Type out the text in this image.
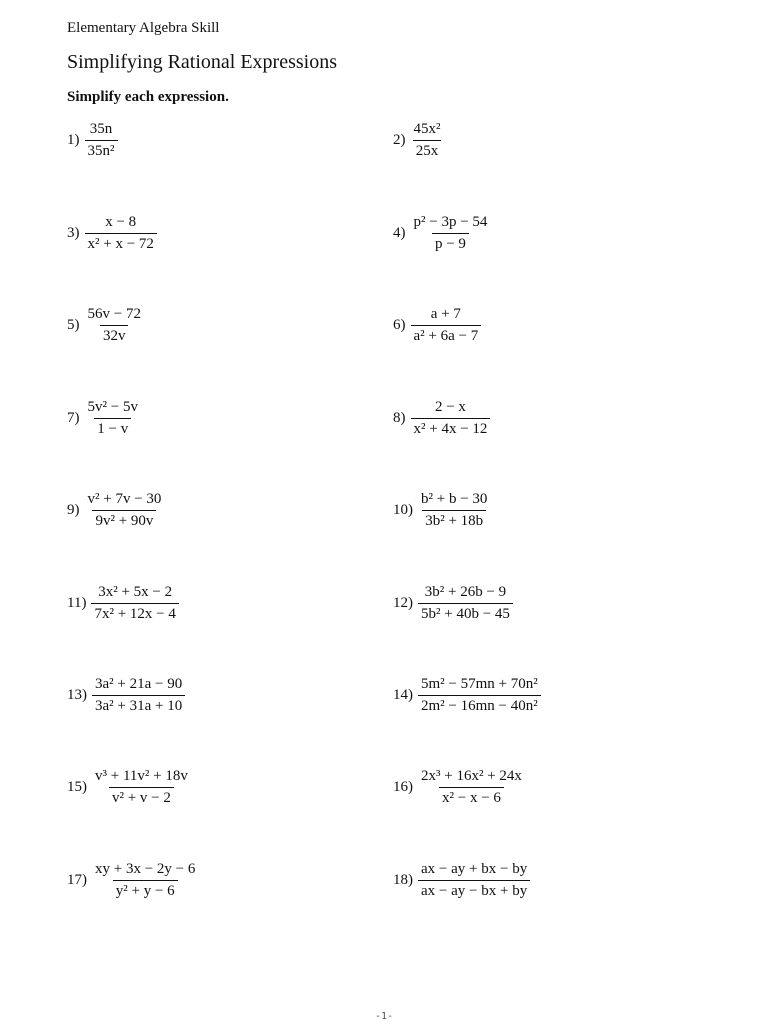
Elementary Algebra Skill
Simplifying Rational Expressions
Simplify each expression.
$1) \frac{35n}{\text{35n²}}$	$2) \frac{\text{45x²}}{25x}$
$3) \frac{x - 8}{\text{x² + x − 72}}$	$4) \frac{\text{p² − 3p − 54}}{p - 9}$
$5) \frac{56v - 72}{32v}$	$6) \frac{a + 7}{\text{a² + 6a − 7}}$
$7) \frac{\text{5v² − 5v}}{1 - v}$	$8) \frac{2 - x}{\text{x² + 4x − 12}}$
$9) \frac{\text{v² + 7v − 30}}{\text{9v² + 90v}}$	$10) \frac{\text{b² + b − 30}}{\text{3b² + 18b}}$
$11) \frac{\text{3x² + 5x − 2}}{\text{7x² + 12x − 4}}$	$12) \frac{\text{3b² + 26b − 9}}{\text{5b² + 40b − 45}}$
$13) \frac{\text{3a² + 21a − 90}}{\text{3a² + 31a + 10}}$	$14) \frac{\text{5m² − 57mn + 70n²}}{\text{2m² − 16mn − 40n²}}$
$15) \frac{\text{v³ + 11v² + 18v}}{\text{v² + v − 2}}$	$16) \frac{\text{2x³ + 16x² + 24x}}{\text{x² − x − 6}}$
$17) \frac{xy + 3x - 2y - 6}{\text{y² + y − 6}}$	$18) \frac{ax - ay + bx - by}{ax - ay - bx + by}$
-1-
